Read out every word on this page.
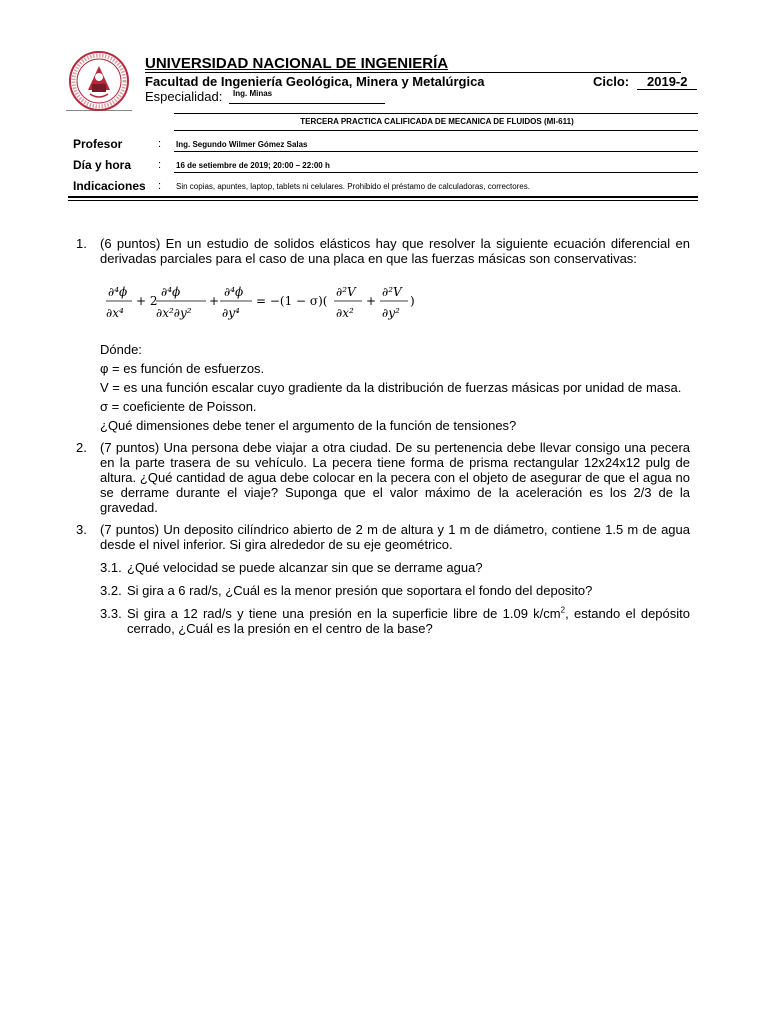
UNIVERSIDAD NACIONAL DE INGENIERÍA
Facultad de Ingeniería Geológica, Minera y Metalúrgica	Ciclo: 2019-2
Especialidad: Ing. Minas
TERCERA PRACTICA CALIFICADA DE MECANICA DE FLUIDOS (MI-611)
Profesor	: Ing. Segundo Wilmer Gómez Salas
Día y hora : 16 de setiembre de 2019; 20:00 – 22:00 h
Indicaciones : Sin copias, apuntes, laptop, tablets ni celulares. Prohibido el préstamo de calculadoras, correctores.
1. (6 puntos) En un estudio de solidos elásticos hay que resolver la siguiente ecuación diferencial en derivadas parciales para el caso de una placa en que las fuerzas másicas son conservativas:

∂⁴ϕ
∂x⁴
+ 2
∂⁴ϕ
∂x²∂y²
+
∂⁴ϕ
∂y⁴
= −(1 − σ)(
∂²V
∂x²
+
∂²V
∂y²
)

Dónde:

φ = es función de esfuerzos.

V = es una función escalar cuyo gradiente da la distribución de fuerzas másicas por unidad de masa.

σ = coeficiente de Poisson.

¿Qué dimensiones debe tener el argumento de la función de tensiones?

2. (7 puntos) Una persona debe viajar a otra ciudad. De su pertenencia debe llevar consigo una pecera en la parte trasera de su vehículo. La pecera tiene forma de prisma rectangular 12x24x12 pulg de altura. ¿Qué cantidad de agua debe colocar en la pecera con el objeto de asegurar de que el agua no se derrame durante el viaje? Suponga que el valor máximo de la aceleración es los 2/3 de la gravedad.

3. (7 puntos) Un deposito cilíndrico abierto de 2 m de altura y 1 m de diámetro, contiene 1.5 m de agua desde el nivel inferior. Si gira alrededor de su eje geométrico.

3.1. ¿Qué velocidad se puede alcanzar sin que se derrame agua?

3.2. Si gira a 6 rad/s, ¿Cuál es la menor presión que soportara el fondo del deposito?

3.3. Si gira a 12 rad/s y tiene una presión en la superficie libre de 1.09 $k/cm^2$, estando el depósito cerrado, ¿Cuál es la presión en el centro de la base?
